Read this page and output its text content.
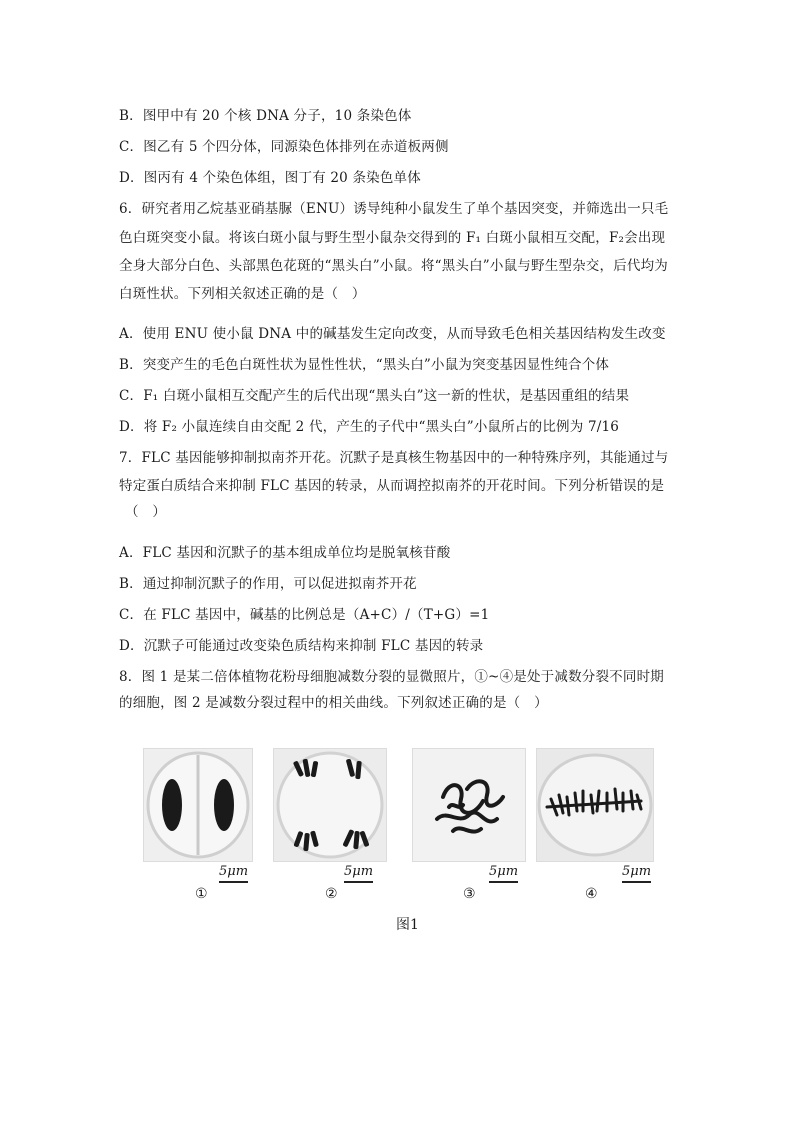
B．图甲中有 20 个核 DNA 分子，10 条染色体
C．图乙有 5 个四分体，同源染色体排列在赤道板两侧
D．图丙有 4 个染色体组，图丁有 20 条染色单体
6．研究者用乙烷基亚硝基脲（ENU）诱导纯种小鼠发生了单个基因突变，并筛选出一只毛
色白斑突变小鼠。将该白斑小鼠与野生型小鼠杂交得到的 F₁ 白斑小鼠相互交配，F₂会出现
全身大部分白色、头部黑色花斑的“黑头白”小鼠。将“黑头白”小鼠与野生型杂交，后代均为
白斑性状。下列相关叙述正确的是（　）
A．使用 ENU 使小鼠 DNA 中的碱基发生定向改变，从而导致毛色相关基因结构发生改变
B．突变产生的毛色白斑性状为显性性状，“黑头白”小鼠为突变基因显性纯合个体
C．F₁ 白斑小鼠相互交配产生的后代出现“黑头白”这一新的性状，是基因重组的结果
D．将 F₂ 小鼠连续自由交配 2 代，产生的子代中“黑头白”小鼠所占的比例为 7/16
7．FLC 基因能够抑制拟南芥开花。沉默子是真核生物基因中的一种特殊序列，其能通过与
特定蛋白质结合来抑制 FLC 基因的转录，从而调控拟南芥的开花时间。下列分析错误的是
（　）
A．FLC 基因和沉默子的基本组成单位均是脱氧核苷酸
B．通过抑制沉默子的作用，可以促进拟南芥开花
C．在 FLC 基因中，碱基的比例总是（A+C）/（T+G）=1
D．沉默子可能通过改变染色质结构来抑制 FLC 基因的转录
8．图 1 是某二倍体植物花粉母细胞减数分裂的显微照片，①~④是处于减数分裂不同时期
的细胞，图 2 是减数分裂过程中的相关曲线。下列叙述正确的是（　）
5μm	5μm	5μm	5μm
①	②	③	④
图1
